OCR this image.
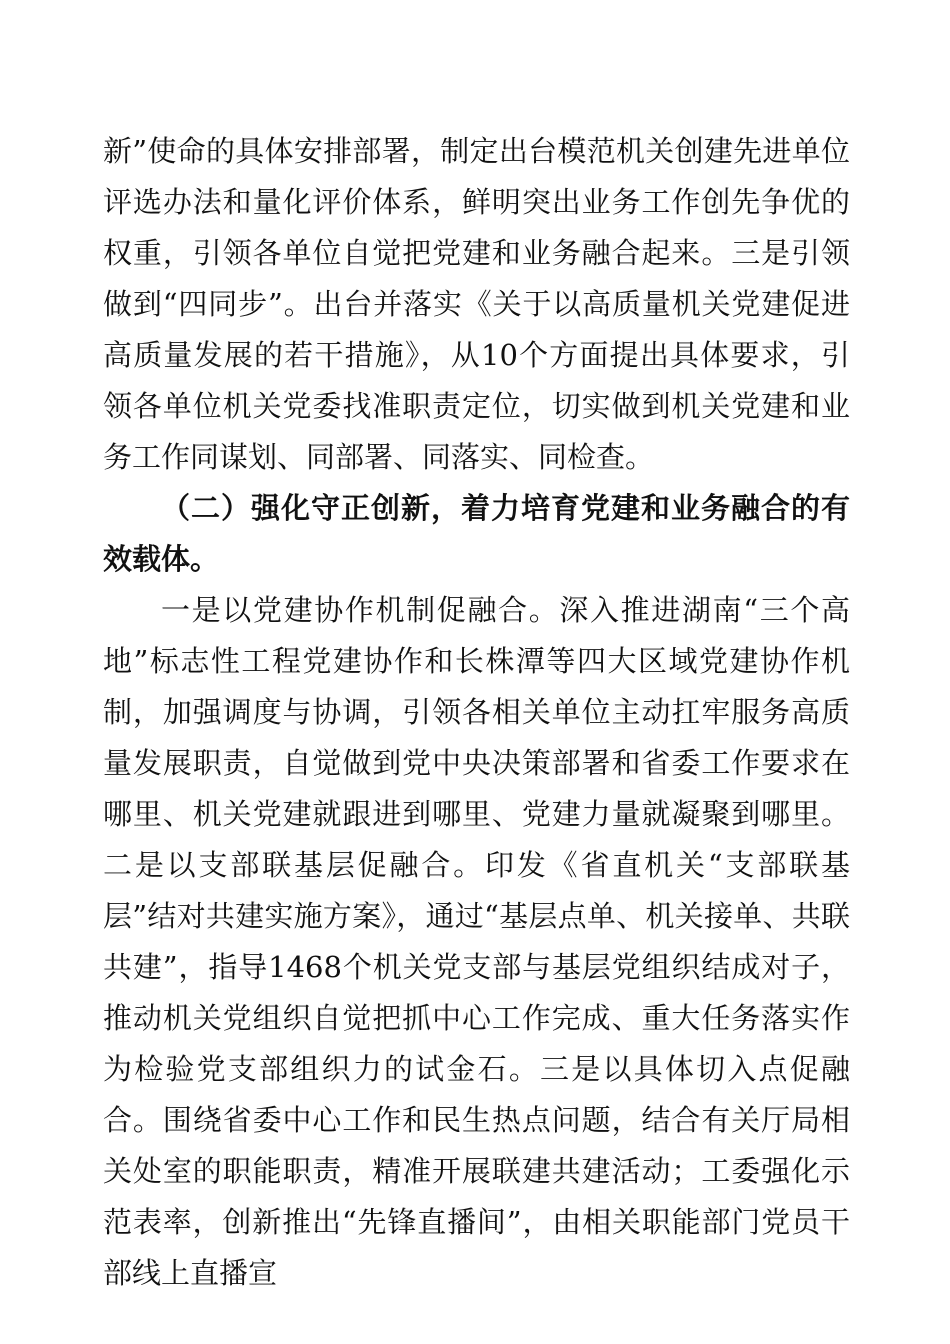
新”使命的具体安排部署，制定出台模范机关创建先进单位评选办法和量化评价体系，鲜明突出业务工作创先争优的权重，引领各单位自觉把党建和业务融合起来。三是引领做到“四同步”。出台并落实《关于以高质量机关党建促进高质量发展的若干措施》，从10个方面提出具体要求，引领各单位机关党委找准职责定位，切实做到机关党建和业务工作同谋划、同部署、同落实、同检查。

（二）强化守正创新，着力培育党建和业务融合的有效载体。

一是以党建协作机制促融合。深入推进湖南“三个高地”标志性工程党建协作和长株潭等四大区域党建协作机制，加强调度与协调，引领各相关单位主动扛牢服务高质量发展职责，自觉做到党中央决策部署和省委工作要求在哪里、机关党建就跟进到哪里、党建力量就凝聚到哪里。二是以支部联基层促融合。印发《省直机关“支部联基层”结对共建实施方案》，通过“基层点单、机关接单、共联共建”，指导1468个机关党支部与基层党组织结成对子，推动机关党组织自觉把抓中心工作完成、重大任务落实作为检验党支部组织力的试金石。三是以具体切入点促融合。围绕省委中心工作和民生热点问题，结合有关厅局相关处室的职能职责，精准开展联建共建活动；工委强化示范表率，创新推出“先锋直播间”，由相关职能部门党员干部线上直播宣
